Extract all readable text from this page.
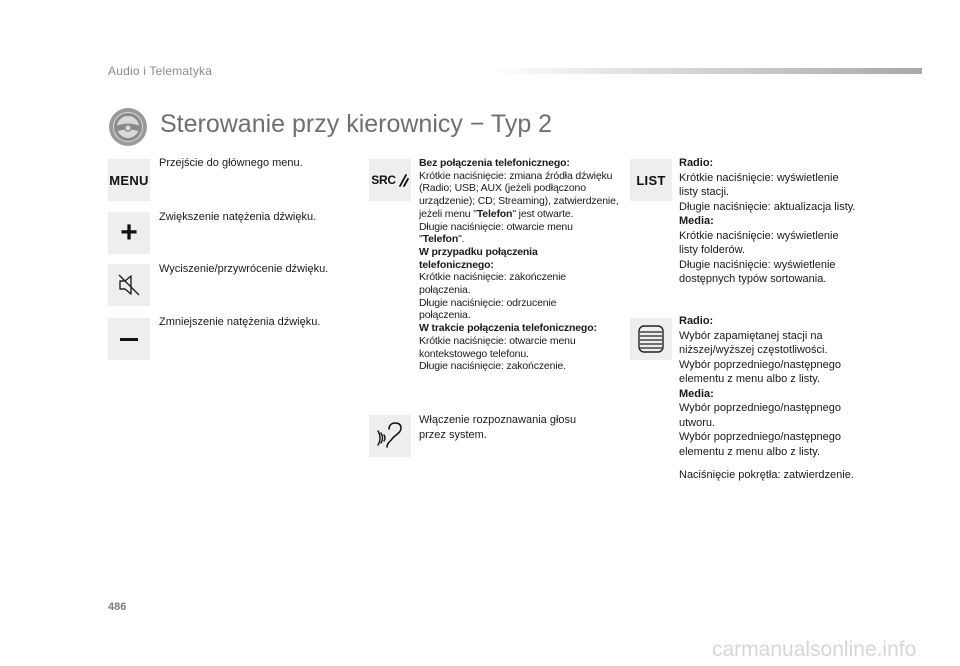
Audio i Telematyka
Sterowanie przy kierownicy − Typ 2
MENU
Przejście do głównego menu.
+ Zwiększenie natężenia dźwięku.
Wyciszenie/przywrócenie dźwięku.
Zmniejszenie natężenia dźwięku.
SRC
Bez połączenia telefonicznego:
Krótkie naciśnięcie: zmiana źródła dźwięku (Radio; USB; AUX (jeżeli podłączono urządzenie); CD; Streaming), zatwierdzenie, jeżeli menu "Telefon" jest otwarte.
Długie naciśnięcie: otwarcie menu "Telefon".
W przypadku połączenia telefonicznego:
Krótkie naciśnięcie: zakończenie połączenia.
Długie naciśnięcie: odrzucenie połączenia.
W trakcie połączenia telefonicznego:
Krótkie naciśnięcie: otwarcie menu kontekstowego telefonu.
Długie naciśnięcie: zakończenie.
Włączenie rozpoznawania głosu przez system.
LIST
Radio:
Krótkie naciśnięcie: wyświetlenie listy stacji.
Długie naciśnięcie: aktualizacja listy.
Media:
Krótkie naciśnięcie: wyświetlenie listy folderów.
Długie naciśnięcie: wyświetlenie dostępnych typów sortowania.
Radio:
Wybór zapamiętanej stacji na niższej/wyższej częstotliwości.
Wybór poprzedniego/następnego elementu z menu albo z listy.
Media:
Wybór poprzedniego/następnego utworu.
Wybór poprzedniego/następnego elementu z menu albo z listy.
Naciśnięcie pokrętła: zatwierdzenie.
486
carmanualsonline.info
